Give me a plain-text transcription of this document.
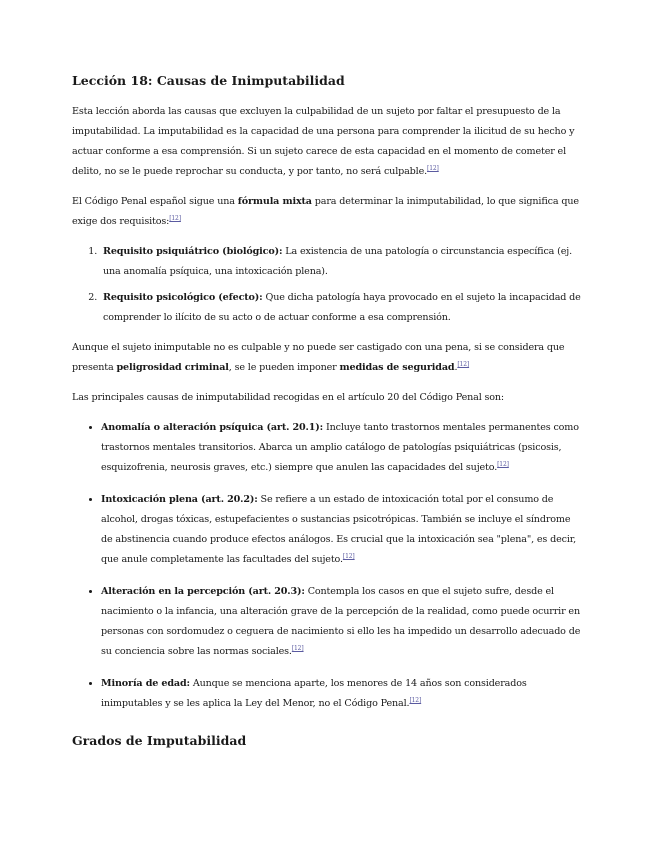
Lección 18: Causas de Inimputabilidad

Esta lección aborda las causas que excluyen la culpabilidad de un sujeto por faltar el presupuesto de la imputabilidad. La imputabilidad es la capacidad de una persona para comprender la ilicitud de su hecho y actuar conforme a esa comprensión. Si un sujeto carece de esta capacidad en el momento de cometer el delito, no se le puede reprochar su conducta, y por tanto, no será culpable.[12]

El Código Penal español sigue una fórmula mixta para determinar la inimputabilidad, lo que significa que exige dos requisitos:[12]

1. Requisito psiquiátrico (biológico): La existencia de una patología o circunstancia específica (ej. una anomalía psíquica, una intoxicación plena).
2. Requisito psicológico (efecto): Que dicha patología haya provocado en el sujeto la incapacidad de comprender lo ilícito de su acto o de actuar conforme a esa comprensión.

Aunque el sujeto inimputable no es culpable y no puede ser castigado con una pena, si se considera que presenta peligrosidad criminal, se le pueden imponer medidas de seguridad.[12]

Las principales causas de inimputabilidad recogidas en el artículo 20 del Código Penal son:

• Anomalía o alteración psíquica (art. 20.1): Incluye tanto trastornos mentales permanentes como trastornos mentales transitorios. Abarca un amplio catálogo de patologías psiquiátricas (psicosis, esquizofrenia, neurosis graves, etc.) siempre que anulen las capacidades del sujeto.[12]
• Intoxicación plena (art. 20.2): Se refiere a un estado de intoxicación total por el consumo de alcohol, drogas tóxicas, estupefacientes o sustancias psicotrópicas. También se incluye el síndrome de abstinencia cuando produce efectos análogos. Es crucial que la intoxicación sea "plena", es decir, que anule completamente las facultades del sujeto.[12]
• Alteración en la percepción (art. 20.3): Contempla los casos en que el sujeto sufre, desde el nacimiento o la infancia, una alteración grave de la percepción de la realidad, como puede ocurrir en personas con sordomudez o ceguera de nacimiento si ello les ha impedido un desarrollo adecuado de su conciencia sobre las normas sociales.[12]
• Minoría de edad: Aunque se menciona aparte, los menores de 14 años son considerados inimputables y se les aplica la Ley del Menor, no el Código Penal.[12]
Grados de Imputabilidad
